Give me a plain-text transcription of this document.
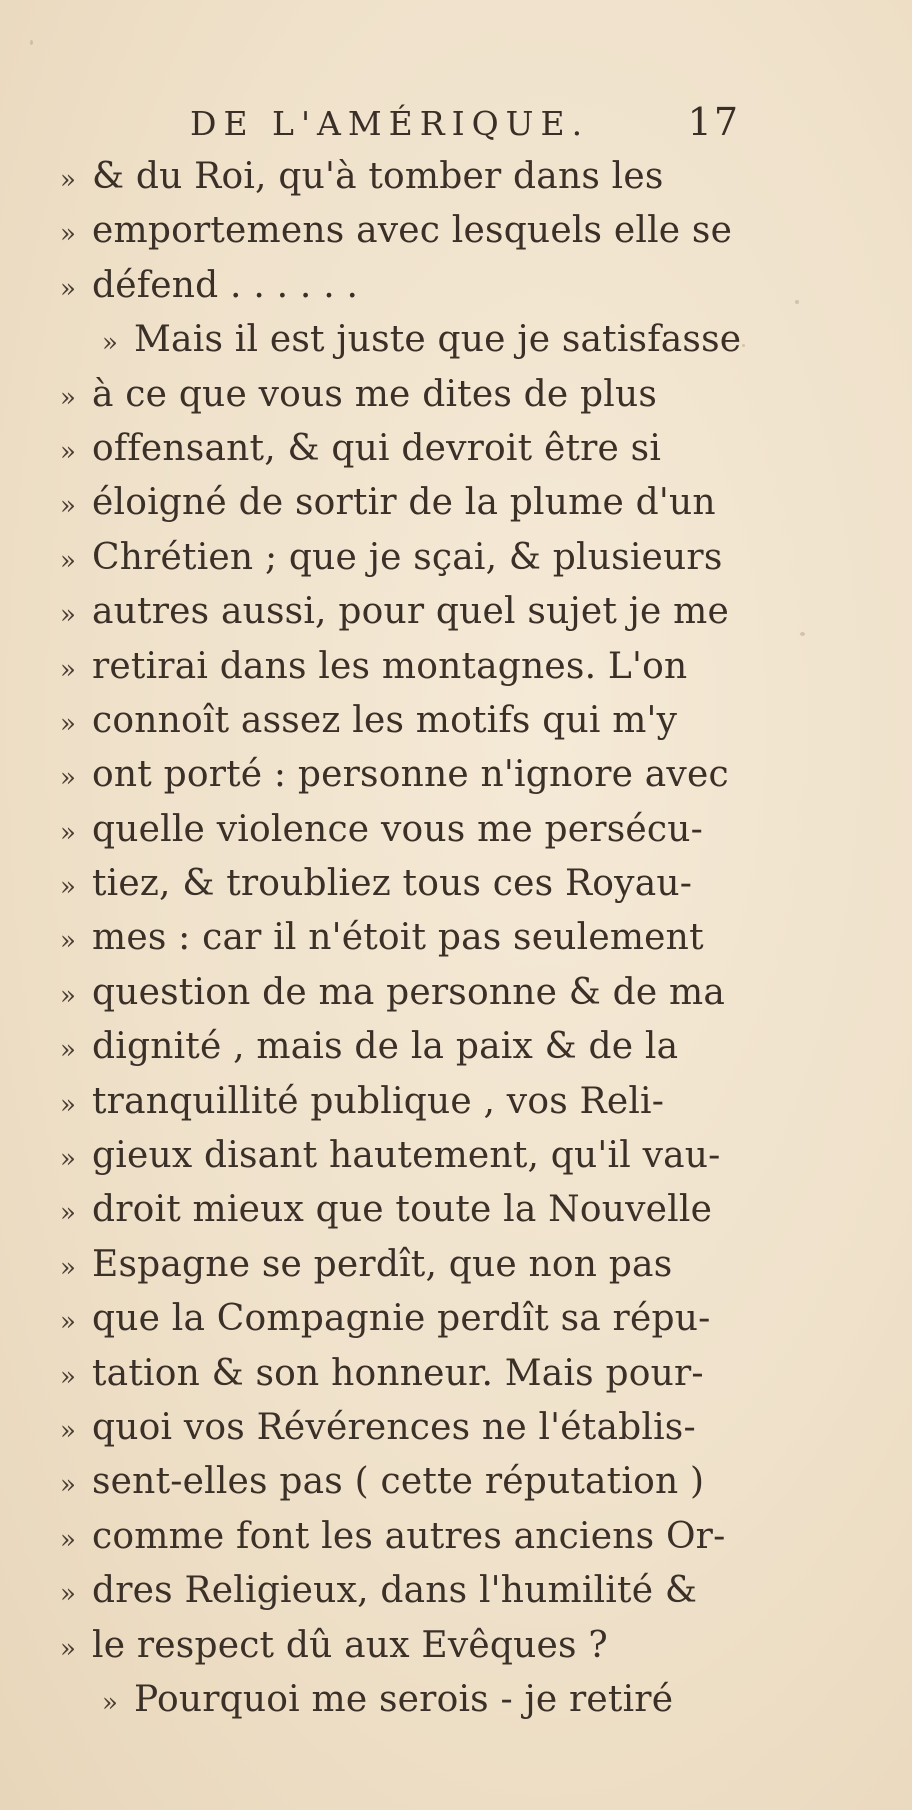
DE L'AMÉRIQUE.	17
» & du Roi, qu'à tomber dans les
» emportemens avec lesquels elle se
» défend . . . . . .
» Mais il est juste que je satisfasse
» à ce que vous me dites de plus
» offensant, & qui devroit être si
» éloigné de sortir de la plume d'un
» Chrétien ; que je sçai, & plusieurs
» autres aussi, pour quel sujet je me
» retirai dans les montagnes. L'on
» connoît assez les motifs qui m'y
» ont porté : personne n'ignore avec
» quelle violence vous me persécu-
» tiez, & troubliez tous ces Royau-
» mes : car il n'étoit pas seulement
» question de ma personne & de ma
» dignité , mais de la paix & de la
» tranquillité publique , vos Reli-
» gieux disant hautement, qu'il vau-
» droit mieux que toute la Nouvelle
» Espagne se perdît, que non pas
» que la Compagnie perdît sa répu-
» tation & son honneur. Mais pour-
» quoi vos Révérences ne l'établis-
» sent-elles pas ( cette réputation )
» comme font les autres anciens Or-
» dres Religieux, dans l'humilité &
» le respect dû aux Evêques ?
» Pourquoi me serois - je retiré
